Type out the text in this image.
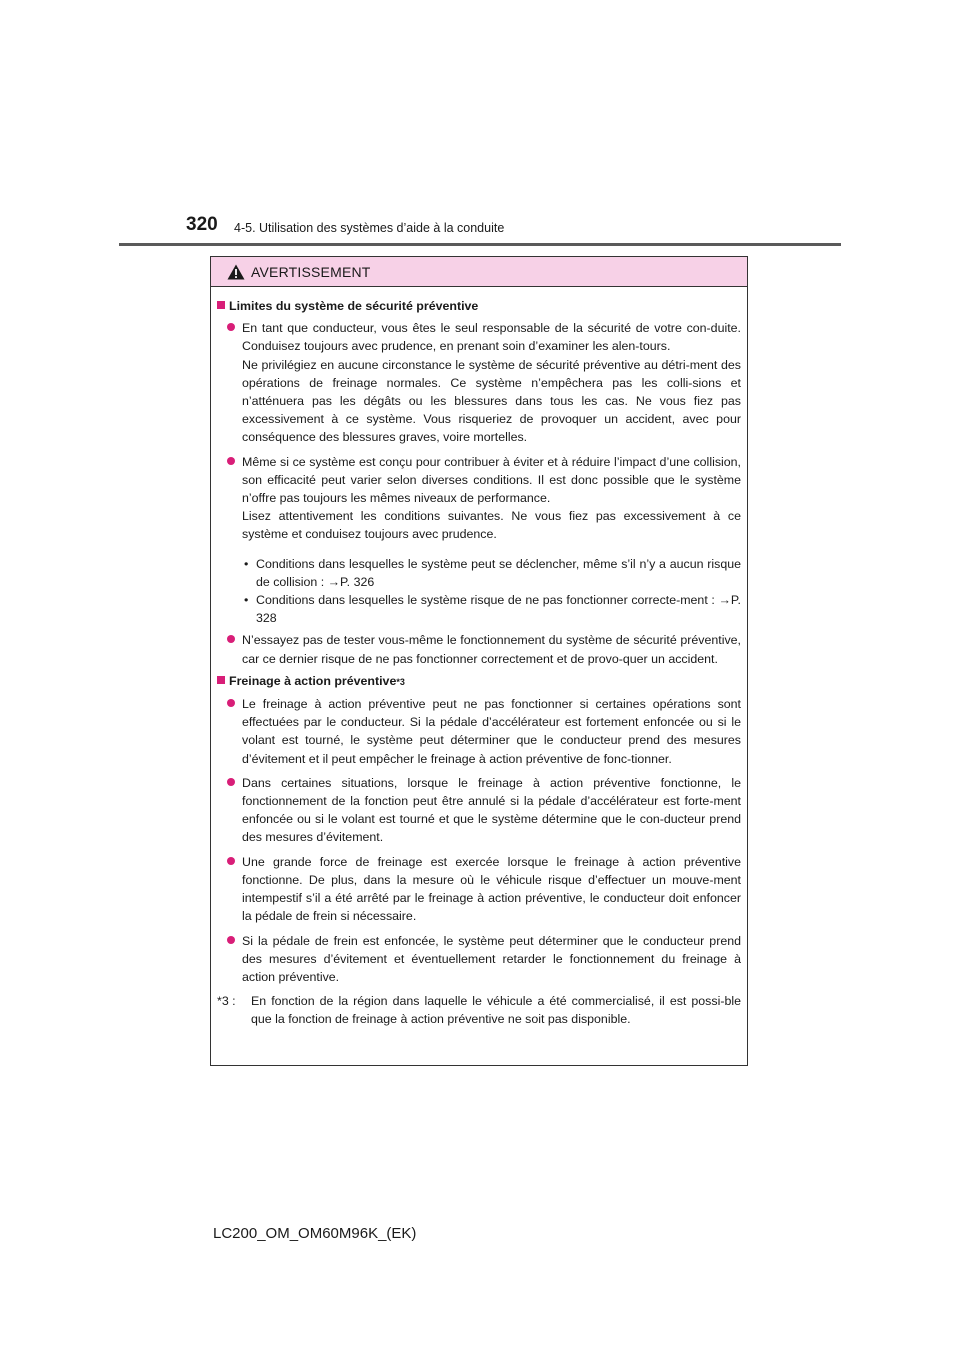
320 4-5. Utilisation des systèmes d’aide à la conduite
AVERTISSEMENT
Limites du système de sécurité préventive
En tant que conducteur, vous êtes le seul responsable de la sécurité de votre con-duite. Conduisez toujours avec prudence, en prenant soin d’examiner les alen-tours.
Ne privilégiez en aucune circonstance le système de sécurité préventive au détri-ment des opérations de freinage normales. Ce système n’empêchera pas les colli-sions et n’atténuera pas les dégâts ou les blessures dans tous les cas. Ne vous fiez pas excessivement à ce système. Vous risqueriez de provoquer un accident, avec pour conséquence des blessures graves, voire mortelles.
Même si ce système est conçu pour contribuer à éviter et à réduire l’impact d’une collision, son efficacité peut varier selon diverses conditions. Il est donc possible que le système n’offre pas toujours les mêmes niveaux de performance.
Lisez attentivement les conditions suivantes. Ne vous fiez pas excessivement à ce système et conduisez toujours avec prudence.
• Conditions dans lesquelles le système peut se déclencher, même s’il n’y a aucun risque de collision : →P. 326
• Conditions dans lesquelles le système risque de ne pas fonctionner correcte-ment : →P. 328
N’essayez pas de tester vous-même le fonctionnement du système de sécurité préventive, car ce dernier risque de ne pas fonctionner correctement et de provo-quer un accident.
Freinage à action préventive *3
Le freinage à action préventive peut ne pas fonctionner si certaines opérations sont effectuées par le conducteur. Si la pédale d’accélérateur est fortement enfoncée ou si le volant est tourné, le système peut déterminer que le conducteur prend des mesures d’évitement et il peut empêcher le freinage à action préventive de fonc-tionner.
Dans certaines situations, lorsque le freinage à action préventive fonctionne, le fonctionnement de la fonction peut être annulé si la pédale d’accélérateur est forte-ment enfoncée ou si le volant est tourné et que le système détermine que le con-ducteur prend des mesures d’évitement.
Une grande force de freinage est exercée lorsque le freinage à action préventive fonctionne. De plus, dans la mesure où le véhicule risque d’effectuer un mouve-ment intempestif s’il a été arrêté par le freinage à action préventive, le conducteur doit enfoncer la pédale de frein si nécessaire.
Si la pédale de frein est enfoncée, le système peut déterminer que le conducteur prend des mesures d’évitement et éventuellement retarder le fonctionnement du freinage à action préventive.
*3 :	En fonction de la région dans laquelle le véhicule a été commercialisé, il est possi-ble que la fonction de freinage à action préventive ne soit pas disponible.
LC200_OM_OM60M96K_(EK)
